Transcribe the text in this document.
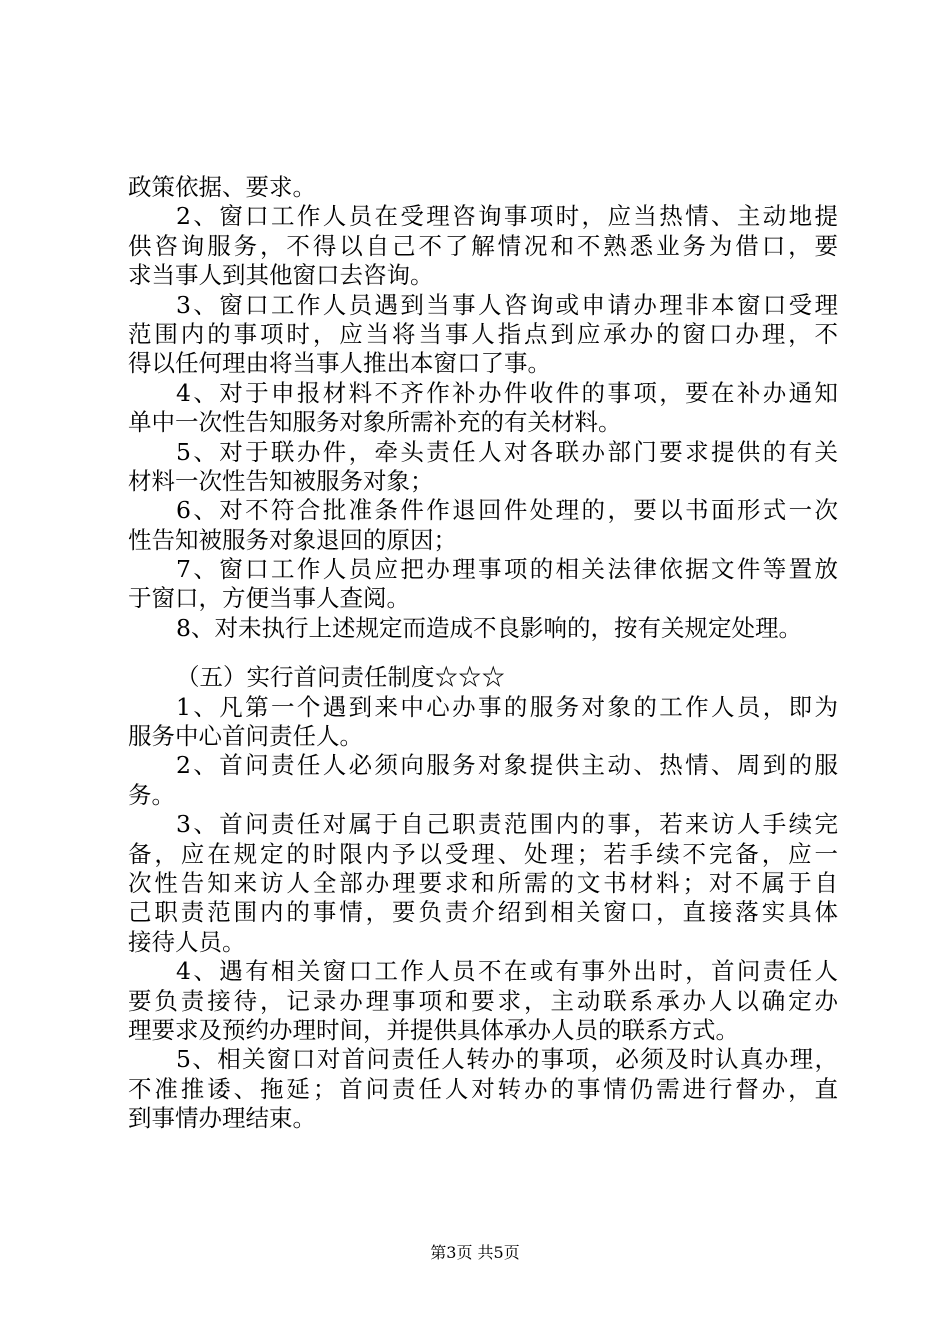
政策依据、要求。
2、窗口工作人员在受理咨询事项时，应当热情、主动地提
供咨询服务，不得以自己不了解情况和不熟悉业务为借口，要
求当事人到其他窗口去咨询。
3、窗口工作人员遇到当事人咨询或申请办理非本窗口受理
范围内的事项时，应当将当事人指点到应承办的窗口办理，不
得以任何理由将当事人推出本窗口了事。
4、对于申报材料不齐作补办件收件的事项，要在补办通知
单中一次性告知服务对象所需补充的有关材料。
5、对于联办件，牵头责任人对各联办部门要求提供的有关
材料一次性告知被服务对象；
6、对不符合批准条件作退回件处理的，要以书面形式一次
性告知被服务对象退回的原因；
7、窗口工作人员应把办理事项的相关法律依据文件等置放
于窗口，方便当事人查阅。
8、对未执行上述规定而造成不良影响的，按有关规定处理。
（五）实行首问责任制度☆☆☆
1、凡第一个遇到来中心办事的服务对象的工作人员，即为
服务中心首问责任人。
2、首问责任人必须向服务对象提供主动、热情、周到的服
务。
3、首问责任对属于自己职责范围内的事，若来访人手续完
备，应在规定的时限内予以受理、处理；若手续不完备，应一
次性告知来访人全部办理要求和所需的文书材料；对不属于自
己职责范围内的事情，要负责介绍到相关窗口，直接落实具体
接待人员。
4、遇有相关窗口工作人员不在或有事外出时，首问责任人
要负责接待，记录办理事项和要求，主动联系承办人以确定办
理要求及预约办理时间，并提供具体承办人员的联系方式。
5、相关窗口对首问责任人转办的事项，必须及时认真办理，
不准推诿、拖延；首问责任人对转办的事情仍需进行督办，直
到事情办理结束。
第3页 共5页
